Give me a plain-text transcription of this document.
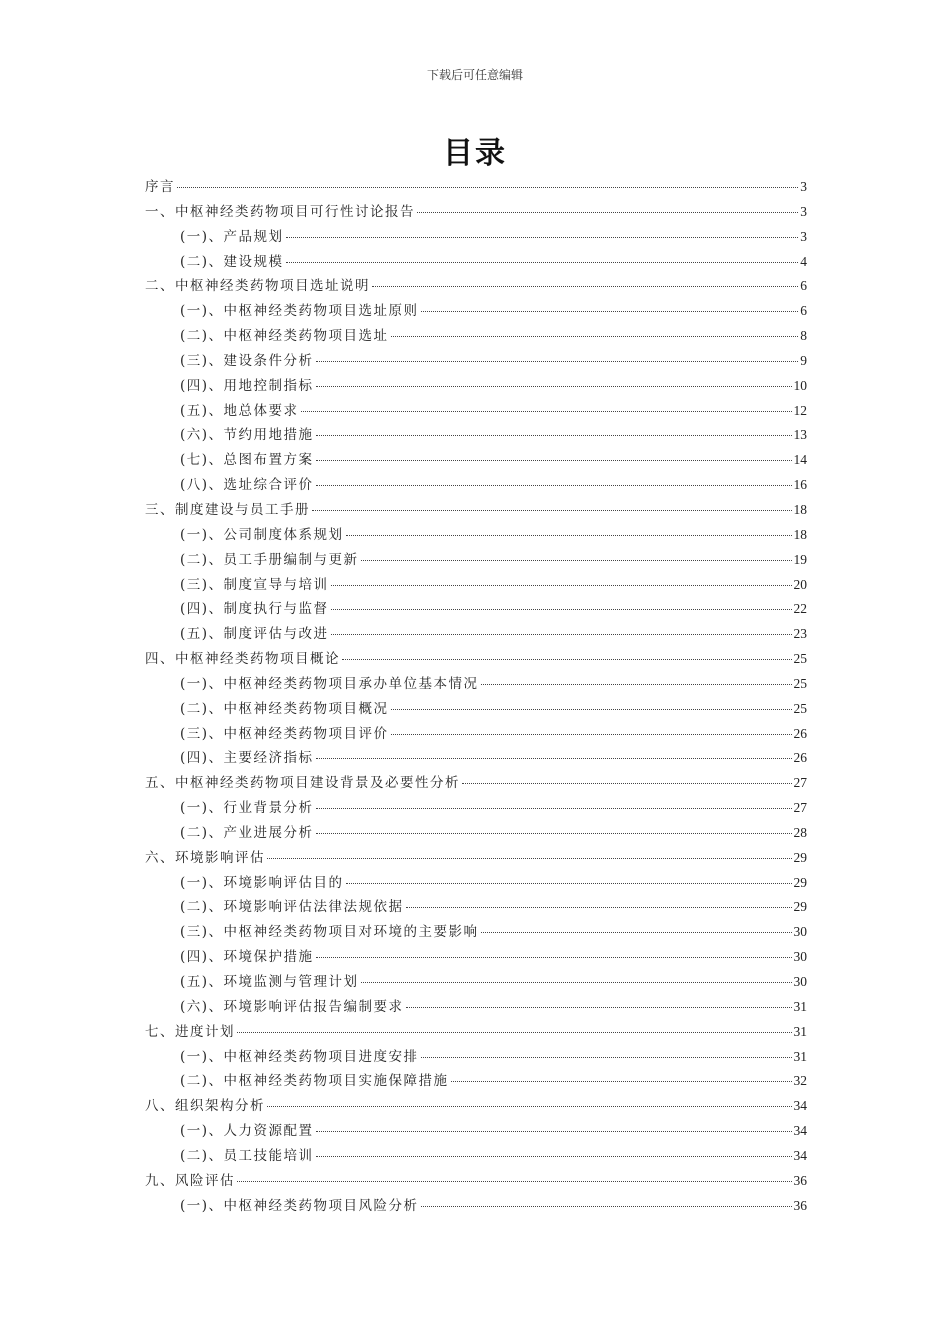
下载后可任意编辑
目录
序言	3
一、中枢神经类药物项目可行性讨论报告	3
(一)、产品规划	3
(二)、建设规模	4
二、中枢神经类药物项目选址说明	6
(一)、中枢神经类药物项目选址原则	6
(二)、中枢神经类药物项目选址	8
(三)、建设条件分析	9
(四)、用地控制指标	10
(五)、地总体要求	12
(六)、节约用地措施	13
(七)、总图布置方案	14
(八)、选址综合评价	16
三、制度建设与员工手册	18
(一)、公司制度体系规划	18
(二)、员工手册编制与更新	19
(三)、制度宣导与培训	20
(四)、制度执行与监督	22
(五)、制度评估与改进	23
四、中枢神经类药物项目概论	25
(一)、中枢神经类药物项目承办单位基本情况	25
(二)、中枢神经类药物项目概况	25
(三)、中枢神经类药物项目评价	26
(四)、主要经济指标	26
五、中枢神经类药物项目建设背景及必要性分析	27
(一)、行业背景分析	27
(二)、产业进展分析	28
六、环境影响评估	29
(一)、环境影响评估目的	29
(二)、环境影响评估法律法规依据	29
(三)、中枢神经类药物项目对环境的主要影响	30
(四)、环境保护措施	30
(五)、环境监测与管理计划	30
(六)、环境影响评估报告编制要求	31
七、进度计划	31
(一)、中枢神经类药物项目进度安排	31
(二)、中枢神经类药物项目实施保障措施	32
八、组织架构分析	34
(一)、人力资源配置	34
(二)、员工技能培训	34
九、风险评估	36
(一)、中枢神经类药物项目风险分析	36
